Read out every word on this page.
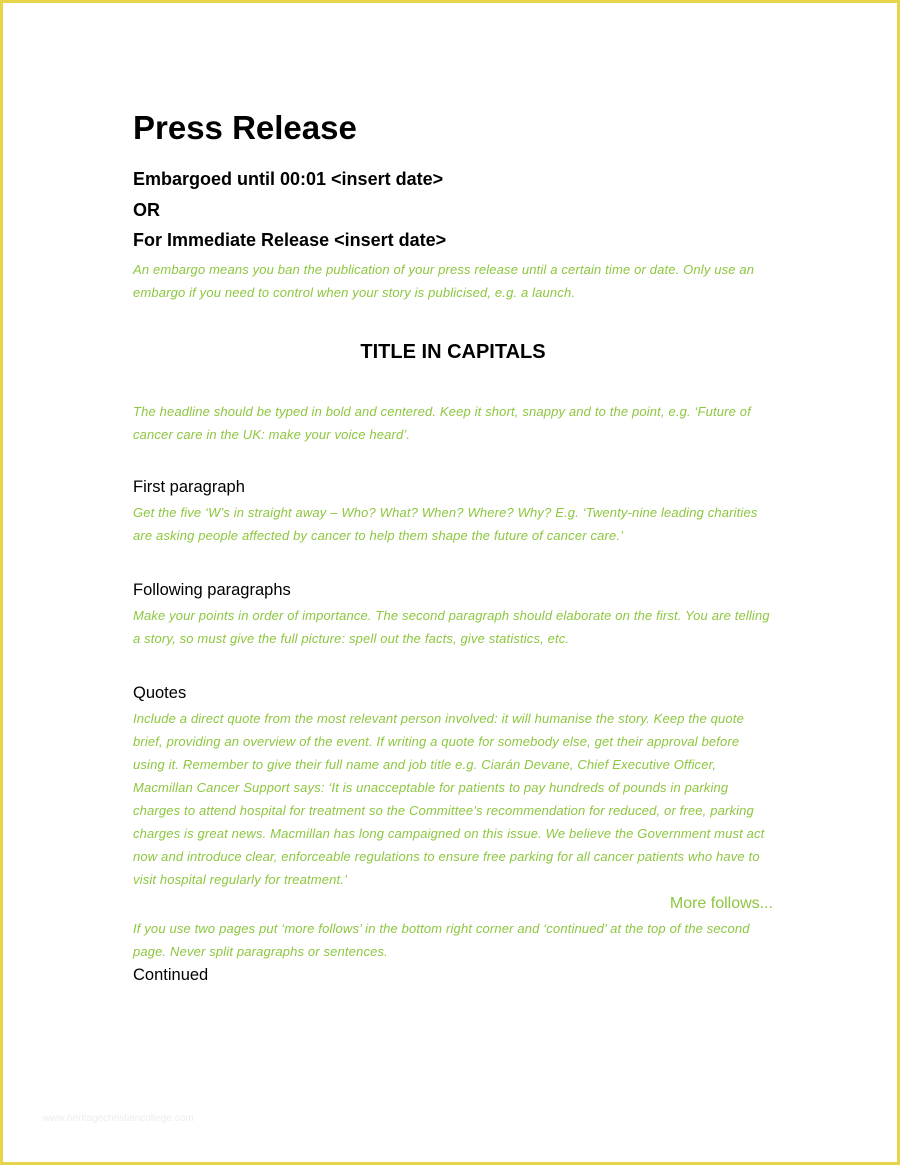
Press Release

Embargoed until 00:01 <insert date>

OR

For Immediate Release <insert date>

An embargo means you ban the publication of your press release until a certain time or date. Only use an embargo if you need to control when your story is publicised, e.g. a launch.

TITLE IN CAPITALS

The headline should be typed in bold and centered. Keep it short, snappy and to the point, e.g. ‘Future of cancer care in the UK: make your voice heard’.

First paragraph

Get the five ‘W’s in straight away – Who? What? When? Where? Why? E.g. ‘Twenty-nine leading charities are asking people affected by cancer to help them shape the future of cancer care.’

Following paragraphs

Make your points in order of importance. The second paragraph should elaborate on the first. You are telling a story, so must give the full picture: spell out the facts, give statistics, etc.

Quotes

Include a direct quote from the most relevant person involved: it will humanise the story. Keep the quote brief, providing an overview of the event. If writing a quote for somebody else, get their approval before using it. Remember to give their full name and job title e.g. Ciarán Devane, Chief Executive Officer, Macmillan Cancer Support says: ‘It is unacceptable for patients to pay hundreds of pounds in parking charges to attend hospital for treatment so the Committee’s recommendation for reduced, or free, parking charges is great news. Macmillan has long campaigned on this issue. We believe the Government must act now and introduce clear, enforceable regulations to ensure free parking for all cancer patients who have to visit hospital regularly for treatment.’

More follows...

If you use two pages put ‘more follows’ in the bottom right corner and ‘continued’ at the top of the second page. Never split paragraphs or sentences.

Continued

www.heritagechristiancollege.com
